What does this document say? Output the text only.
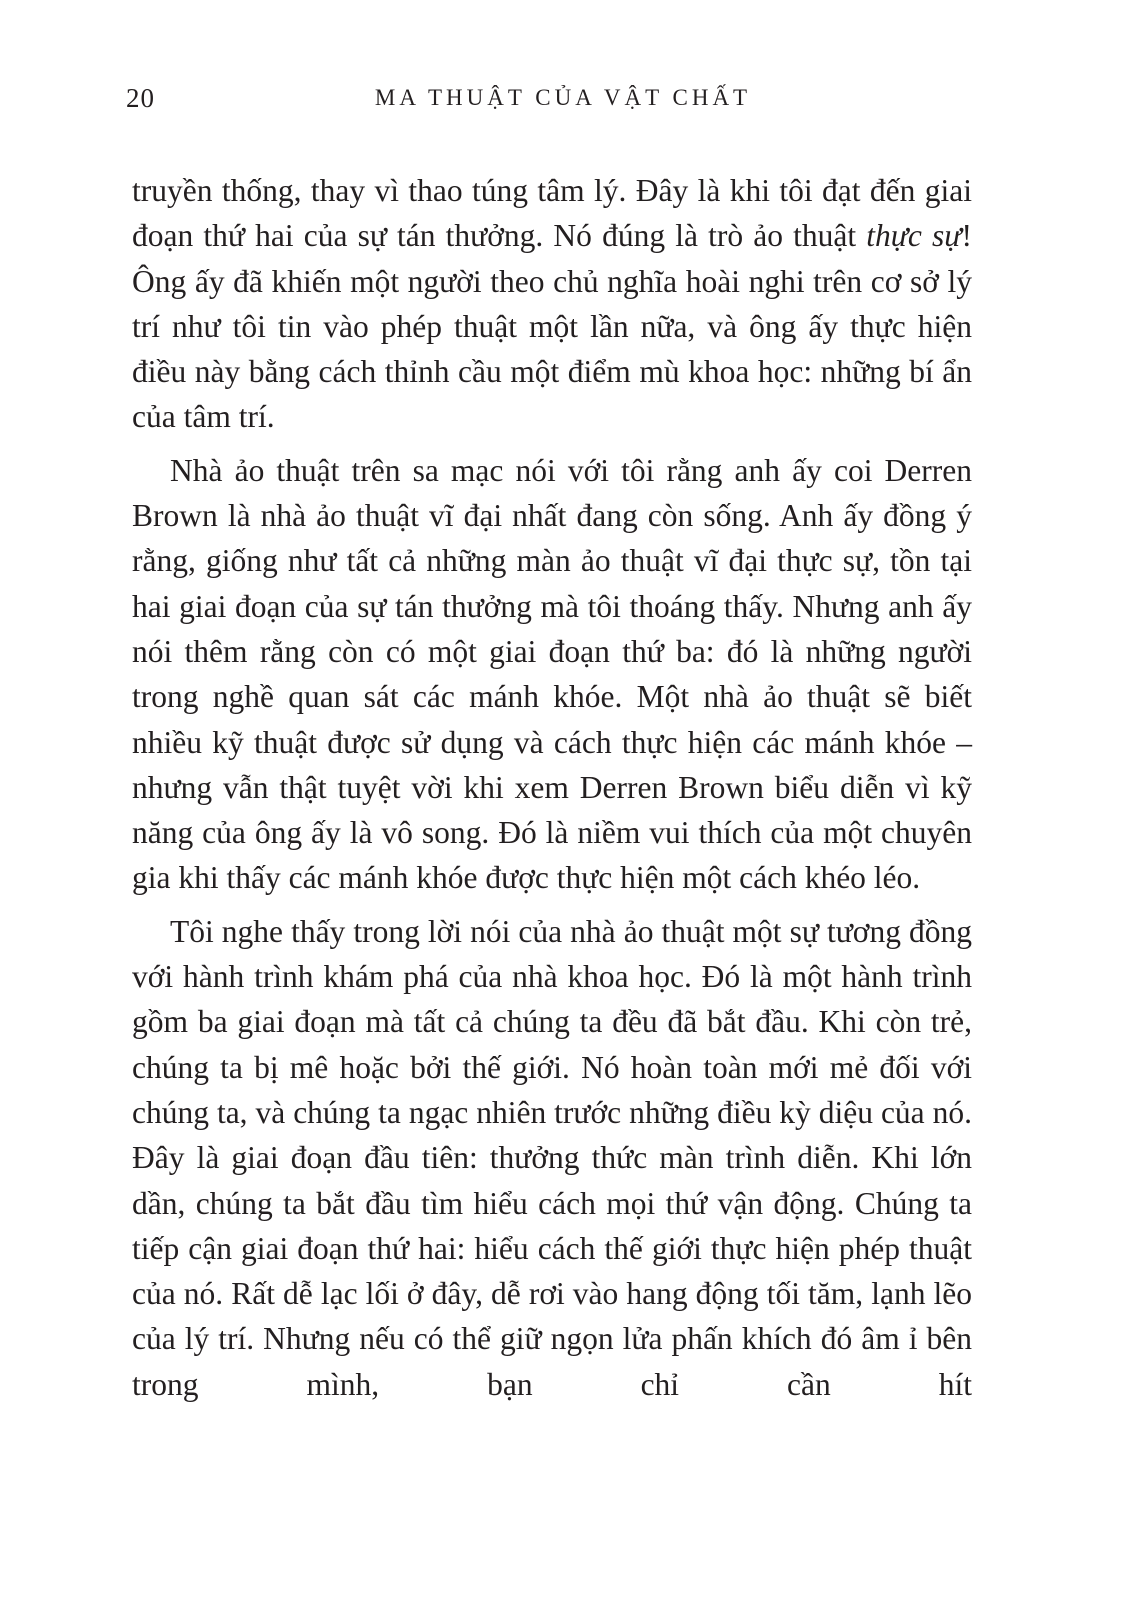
20	MA THUẬT CỦA VẬT CHẤT

truyền thống, thay vì thao túng tâm lý. Đây là khi tôi đạt đến giai đoạn thứ hai của sự tán thưởng. Nó đúng là trò ảo thuật thực sự! Ông ấy đã khiến một người theo chủ nghĩa hoài nghi trên cơ sở lý trí như tôi tin vào phép thuật một lần nữa, và ông ấy thực hiện điều này bằng cách thỉnh cầu một điểm mù khoa học: những bí ẩn của tâm trí.

Nhà ảo thuật trên sa mạc nói với tôi rằng anh ấy coi Derren Brown là nhà ảo thuật vĩ đại nhất đang còn sống. Anh ấy đồng ý rằng, giống như tất cả những màn ảo thuật vĩ đại thực sự, tồn tại hai giai đoạn của sự tán thưởng mà tôi thoáng thấy. Nhưng anh ấy nói thêm rằng còn có một giai đoạn thứ ba: đó là những người trong nghề quan sát các mánh khóe. Một nhà ảo thuật sẽ biết nhiều kỹ thuật được sử dụng và cách thực hiện các mánh khóe – nhưng vẫn thật tuyệt vời khi xem Derren Brown biểu diễn vì kỹ năng của ông ấy là vô song. Đó là niềm vui thích của một chuyên gia khi thấy các mánh khóe được thực hiện một cách khéo léo.

Tôi nghe thấy trong lời nói của nhà ảo thuật một sự tương đồng với hành trình khám phá của nhà khoa học. Đó là một hành trình gồm ba giai đoạn mà tất cả chúng ta đều đã bắt đầu. Khi còn trẻ, chúng ta bị mê hoặc bởi thế giới. Nó hoàn toàn mới mẻ đối với chúng ta, và chúng ta ngạc nhiên trước những điều kỳ diệu của nó. Đây là giai đoạn đầu tiên: thưởng thức màn trình diễn. Khi lớn dần, chúng ta bắt đầu tìm hiểu cách mọi thứ vận động. Chúng ta tiếp cận giai đoạn thứ hai: hiểu cách thế giới thực hiện phép thuật của nó. Rất dễ lạc lối ở đây, dễ rơi vào hang động tối tăm, lạnh lẽo của lý trí. Nhưng nếu có thể giữ ngọn lửa phấn khích đó âm ỉ bên trong mình, bạn chỉ cần hít
